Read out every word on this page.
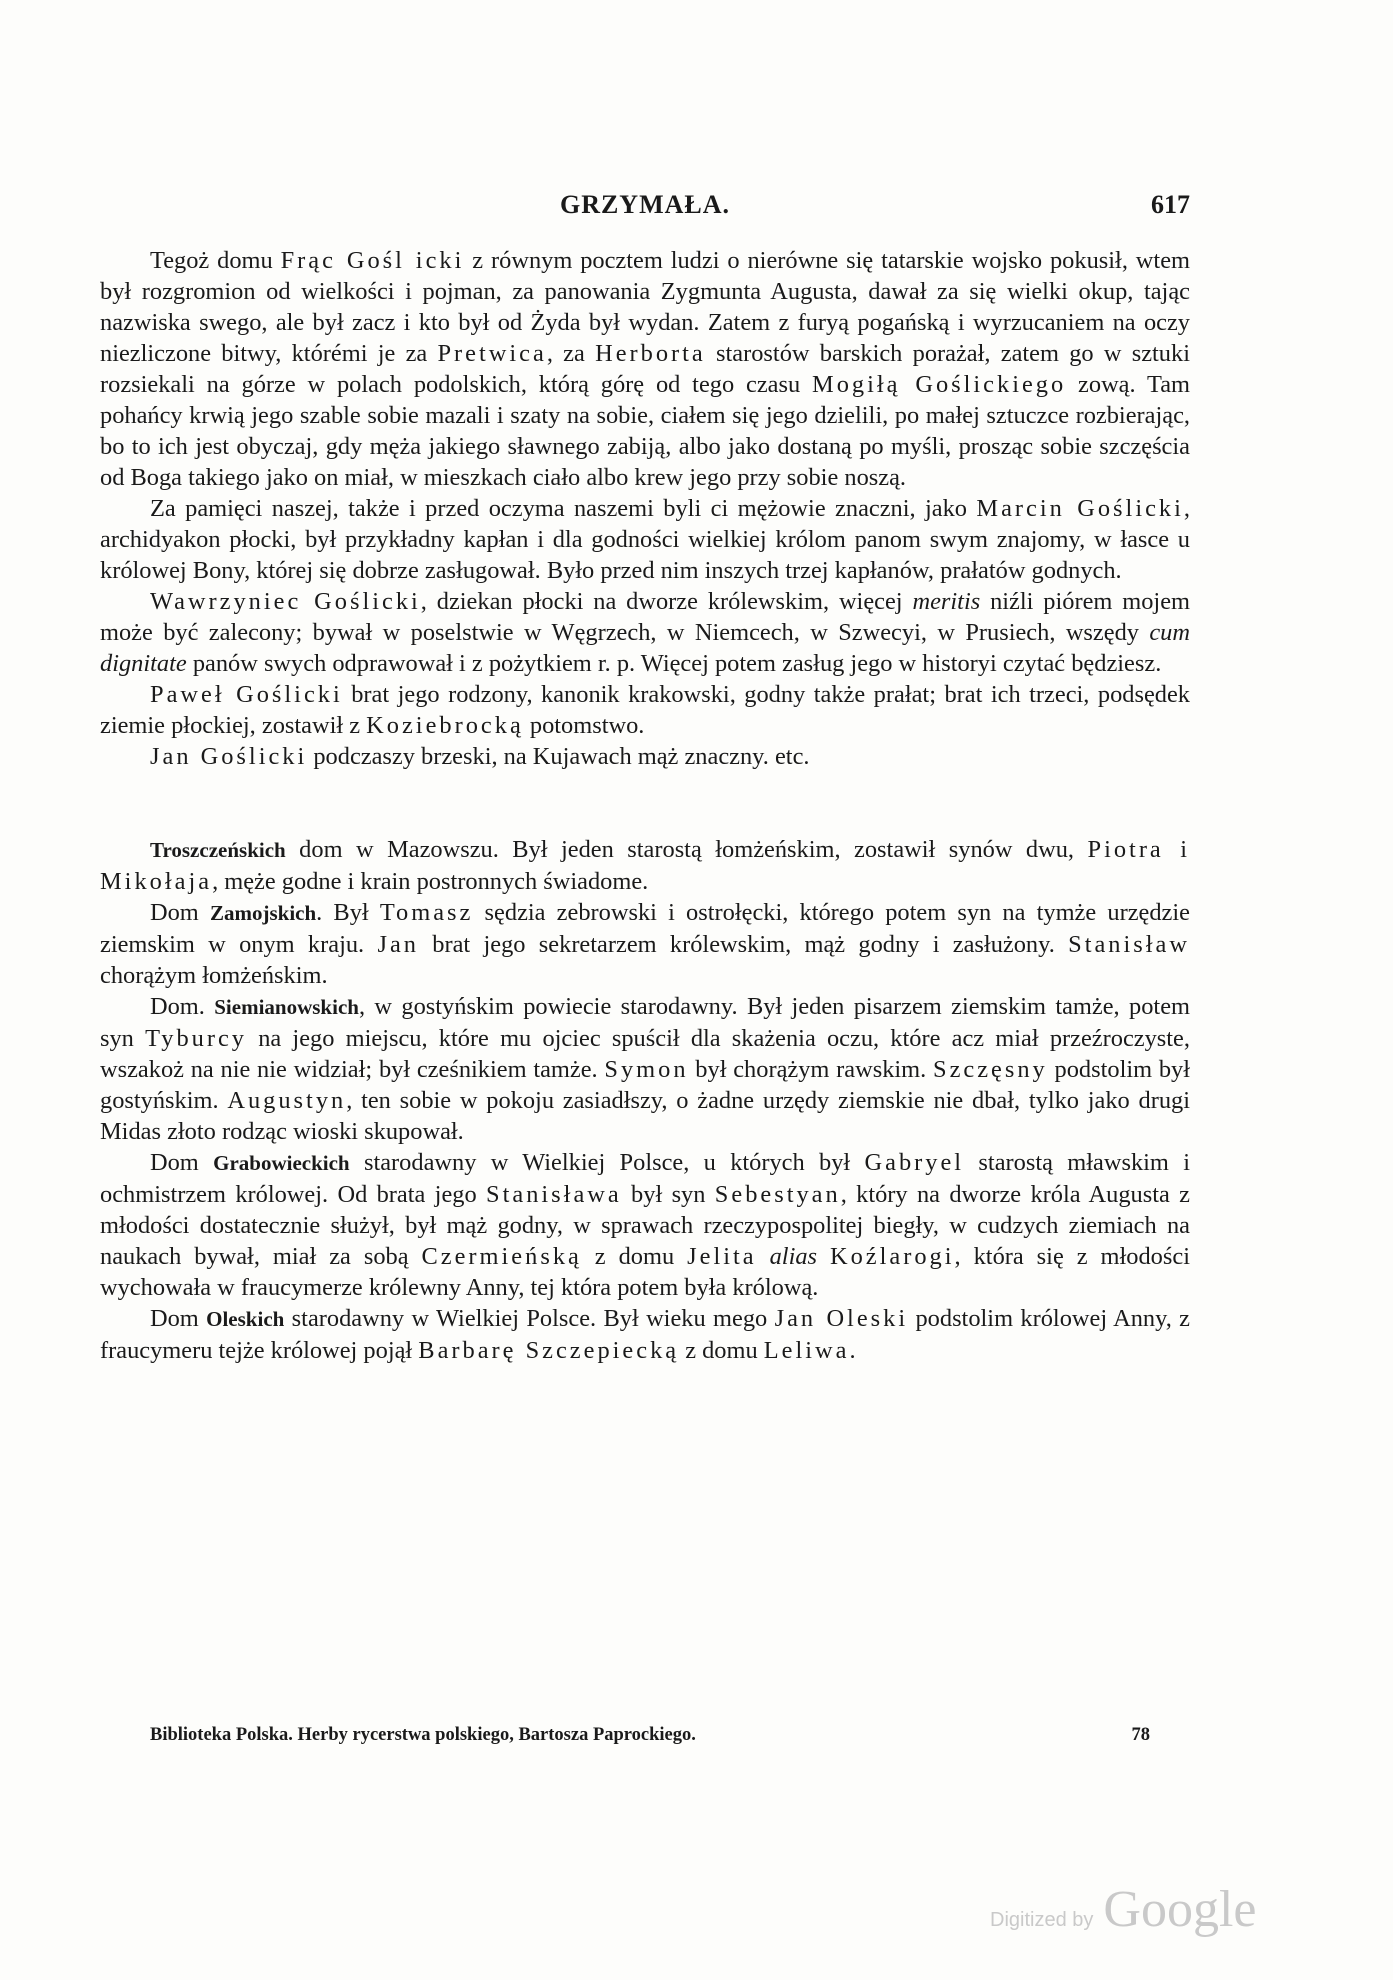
GRZYMAŁA.	617

Tegoż domu Frąc Gośl icki z równym pocztem ludzi o nierówne się tatarskie wojsko pokusił, wtem był rozgromion od wielkości i pojman, za panowania Zygmunta Augusta, dawał za się wielki okup, tając nazwiska swego, ale był zacz i kto był od Żyda był wydan. Zatem z furyą pogańską i wyrzucaniem na oczy niezliczone bitwy, którémi je za Pretwica, za Herborta starostów barskich porażał, zatem go w sztuki rozsiekali na górze w polach podolskich, którą górę od tego czasu Mogiłą Goślickiego zową. Tam pohańcy krwią jego szable sobie mazali i szaty na sobie, ciałem się jego dzielili, po małej sztuczce rozbierając, bo to ich jest obyczaj, gdy męża jakiego sławnego zabiją, albo jako dostaną po myśli, prosząc sobie szczęścia od Boga takiego jako on miał, w mieszkach ciało albo krew jego przy sobie noszą.

Za pamięci naszej, także i przed oczyma naszemi byli ci mężowie znaczni, jako Marcin Goślicki, archidyakon płocki, był przykładny kapłan i dla godności wielkiej królom panom swym znajomy, w łasce u królowej Bony, której się dobrze zasługował. Było przed nim inszych trzej kapłanów, prałatów godnych.

Wawrzyniec Goślicki, dziekan płocki na dworze królewskim, więcej meritis niźli piórem mojem może być zalecony; bywał w poselstwie w Węgrzech, w Niemcech, w Szwecyi, w Prusiech, wszędy cum dignitate panów swych odprawował i z pożytkiem r. p. Więcej potem zasług jego w historyi czytać będziesz.

Paweł Goślicki brat jego rodzony, kanonik krakowski, godny także prałat; brat ich trzeci, podsędek ziemie płockiej, zostawił z Koziebrocką potomstwo.

Jan Goślicki podczaszy brzeski, na Kujawach mąż znaczny. etc.

Troszczeńskich dom w Mazowszu. Był jeden starostą łomżeńskim, zostawił synów dwu, Piotra i Mikołaja, męże godne i krain postronnych świadome.

Dom Zamojskich. Był Tomasz sędzia zebrowski i ostrołęcki, którego potem syn na tymże urzędzie ziemskim w onym kraju. Jan brat jego sekretarzem królewskim, mąż godny i zasłużony. Stanisław chorążym łomżeńskim.

Dom. Siemianowskich, w gostyńskim powiecie starodawny. Był jeden pisarzem ziemskim tamże, potem syn Tyburcy na jego miejscu, które mu ojciec spuścił dla skażenia oczu, które acz miał przeźroczyste, wszakoż na nie nie widział; był cześnikiem tamże. Symon był chorążym rawskim. Szczęsny podstolim był gostyńskim. Augustyn, ten sobie w pokoju zasiadłszy, o żadne urzędy ziemskie nie dbał, tylko jako drugi Midas złoto rodząc wioski skupował.

Dom Grabowieckich starodawny w Wielkiej Polsce, u których był Gabryel starostą mławskim i ochmistrzem królowej. Od brata jego Stanisława był syn Sebestyan, który na dworze króla Augusta z młodości dostatecznie służył, był mąż godny, w sprawach rzeczypospolitej biegły, w cudzych ziemiach na naukach bywał, miał za sobą Czermieńską z domu Jelita alias Koźlarogi, która się z młodości wychowała w fraucymerze królewny Anny, tej która potem była królową.

Dom Oleskich starodawny w Wielkiej Polsce. Był wieku mego Jan Oleski podstolim królowej Anny, z fraucymeru tejże królowej pojął Barbarę Szczepiecką z domu Leliwa.

Biblioteka Polska. Herby rycerstwa polskiego, Bartosza Paprockiego.	78
Digitized by Google
